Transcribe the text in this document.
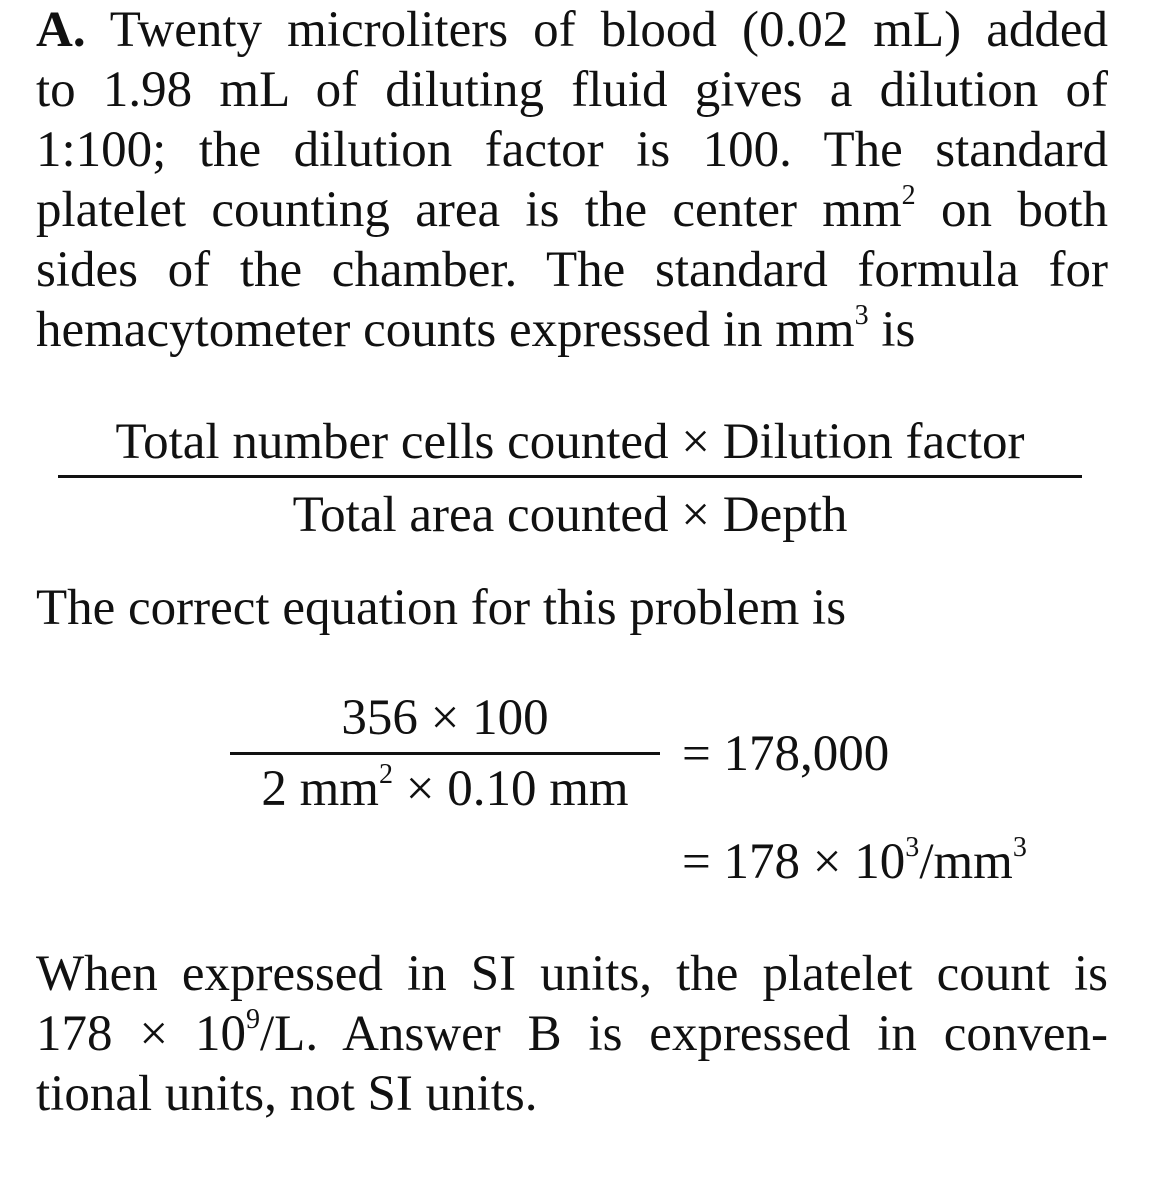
A. Twenty microliters of blood (0.02 mL) added
to 1.98 mL of diluting fluid gives a dilution of
1:100; the dilution factor is 100. The standard
platelet counting area is the center $mm^2$ on both
sides of the chamber. The standard formula for
hemacytometer counts expressed in $mm^3$ is
Total number cells counted × Dilution factor
Total area counted × Depth
The correct equation for this problem is
356 × 100
2 $mm^2 \times 0.10$ mm
= 178,000
= $178 \times 10^3/mm^3$
When expressed in SI units, the platelet count is
$178 \times 10^9/L$. Answer B is expressed in conven-
tional units, not SI units.
